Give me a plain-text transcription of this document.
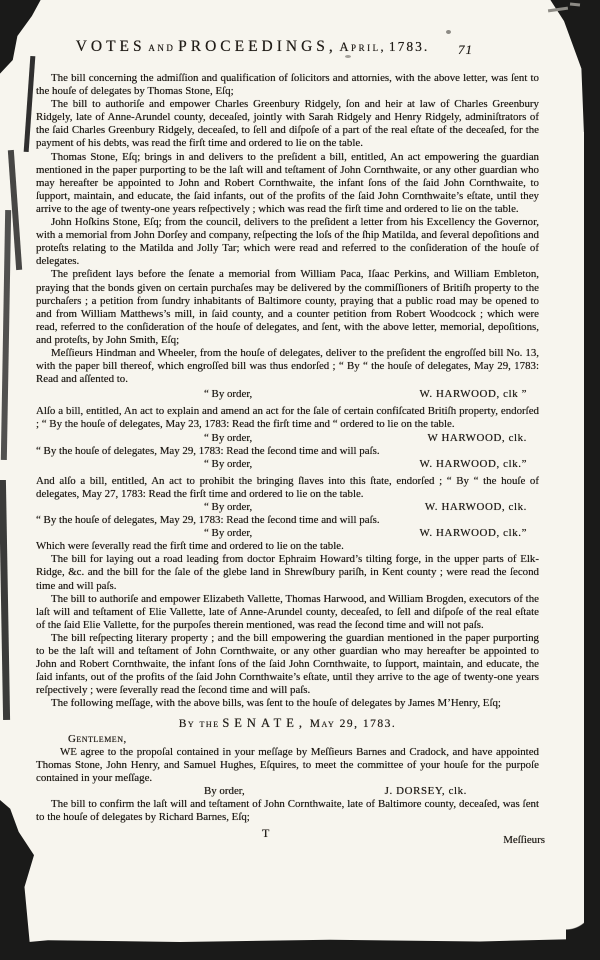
VOTES and PROCEEDINGS, April, 1783. 71

The bill concerning the admiſſion and qualification of ſolicitors and attornies, with the above letter, was ſent to the houſe of delegates by Thomas Stone, Eſq;

The bill to authoriſe and empower Charles Greenbury Ridgely, ſon and heir at law of Charles Greenbury Ridgely, late of Anne-Arundel county, deceaſed, jointly with Sarah Ridgely and Henry Ridgely, adminiſtrators of the ſaid Charles Greenbury Ridgely, deceaſed, to ſell and diſpoſe of a part of the real eſtate of the deceaſed, for the payment of his debts, was read the firſt time and ordered to lie on the table.

Thomas Stone, Eſq; brings in and delivers to the preſident a bill, entitled, An act empowering the guardian mentioned in the paper purporting to be the laſt will and teſtament of John Cornthwaite, or any other guardian who may hereafter be appointed to John and Robert Cornthwaite, the infant ſons of the ſaid John Cornthwaite, to ſupport, maintain, and educate, the ſaid infants, out of the profits of the ſaid John Cornthwaite’s eſtate, until they arrive to the age of twenty-one years reſpectively ; which was read the firſt time and ordered to lie on the table.

John Hoſkins Stone, Eſq; from the council, delivers to the preſident a letter from his Excellency the Governor, with a memorial from John Dorſey and company, reſpecting the loſs of the ſhip Matilda, and ſeveral depoſitions and proteſts relating to the Matilda and Jolly Tar; which were read and referred to the conſideration of the houſe of delegates.

The preſident lays before the ſenate a memorial from William Paca, Iſaac Perkins, and William Embleton, praying that the bonds given on certain purchaſes may be delivered by the commiſſioners of Britiſh property to the purchaſers ; a petition from ſundry inhabitants of Baltimore county, praying that a public road may be opened to and from William Matthews’s mill, in ſaid county, and a counter petition from Robert Woodcock ; which were read, referred to the conſideration of the houſe of delegates, and ſent, with the above letter, memorial, depoſitions, and proteſts, by John Smith, Eſq;

Meſſieurs Hindman and Wheeler, from the houſe of delegates, deliver to the preſident the engroſſed bill No. 13, with the paper bill thereof, which engroſſed bill was thus endorſed ; “ By “ the houſe of delegates, May 29, 1783: Read and aſſented to.

“ By order,	W. HARWOOD, clk ”

Alſo a bill, entitled, An act to explain and amend an act for the ſale of certain confiſcated Britiſh property, endorſed ; “ By the houſe of delegates, May 23, 1783: Read the firſt time and “ ordered to lie on the table.

“ By order,	W HARWOOD, clk.

“ By the houſe of delegates, May 29, 1783: Read the ſecond time and will paſs.

“ By order,	W. HARWOOD, clk.”

And alſo a bill, entitled, An act to prohibit the bringing ſlaves into this ſtate, endorſed ; “ By “ the houſe of delegates, May 27, 1783: Read the firſt time and ordered to lie on the table.

“ By order,	W. HARWOOD, clk.

“ By the houſe of delegates, May 29, 1783: Read the ſecond time and will paſs.

“ By order,	W. HARWOOD, clk.”

Which were ſeverally read the firſt time and ordered to lie on the table.

The bill for laying out a road leading from doctor Ephraim Howard’s tilting forge, in the upper parts of Elk-Ridge, &c. and the bill for the ſale of the glebe land in Shrewſbury pariſh, in Kent county ; were read the ſecond time and will paſs.

The bill to authoriſe and empower Elizabeth Vallette, Thomas Harwood, and William Brogden, executors of the laſt will and teſtament of Elie Vallette, late of Anne-Arundel county, deceaſed, to ſell and diſpoſe of the real eſtate of the ſaid Elie Vallette, for the purpoſes therein mentioned, was read the ſecond time and will not paſs.

The bill reſpecting literary property ; and the bill empowering the guardian mentioned in the paper purporting to be the laſt will and teſtament of John Cornthwaite, or any other guardian who may hereafter be appointed to John and Robert Cornthwaite, the infant ſons of the ſaid John Cornthwaite, to ſupport, maintain, and educate, the ſaid infants, out of the profits of the ſaid John Cornthwaite’s eſtate, until they arrive to the age of twenty-one years reſpectively ; were ſeverally read the ſecond time and will paſs.

The following meſſage, with the above bills, was ſent to the houſe of delegates by James M’Henry, Eſq;

By the SENATE, May 29, 1783.

Gentlemen,

WE agree to the propoſal contained in your meſſage by Meſſieurs Barnes and Cradock, and have appointed Thomas Stone, John Henry, and Samuel Hughes, Eſquires, to meet the committee of your houſe for the purpoſe contained in your meſſage.

By order,	J. DORSEY, clk.

The bill to confirm the laſt will and teſtament of John Cornthwaite, late of Baltimore county, deceaſed, was ſent to the houſe of delegates by Richard Barnes, Eſq;

T	Meſſieurs
